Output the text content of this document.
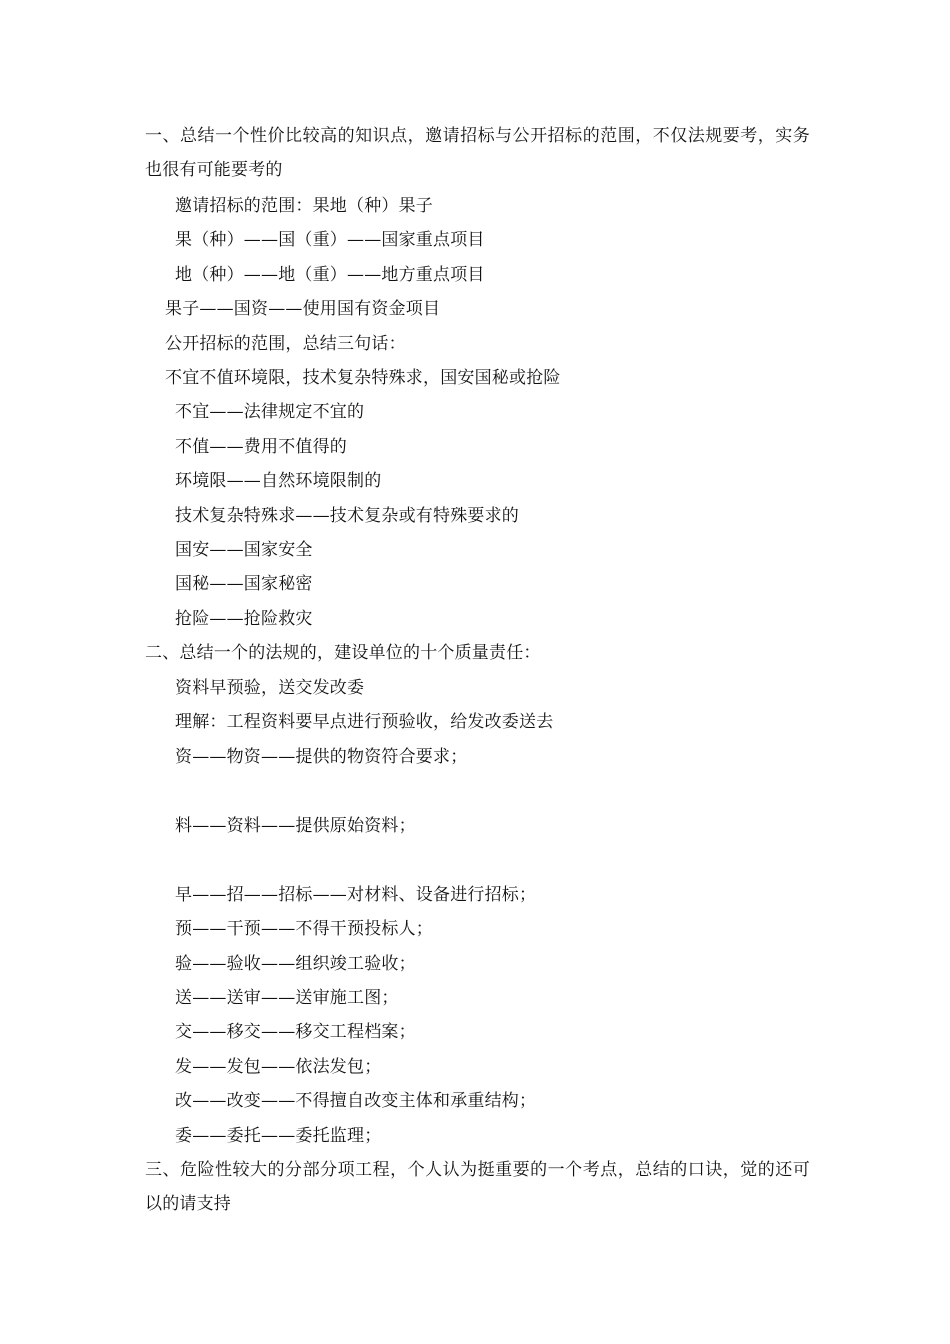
一、总结一个性价比较高的知识点，邀请招标与公开招标的范围，不仅法规要考，实务也很有可能要考的
邀请招标的范围：果地（种）果子
果（种）——国（重）——国家重点项目
地（种）——地（重）——地方重点项目
果子——国资——使用国有资金项目
公开招标的范围，总结三句话：
不宜不值环境限，技术复杂特殊求，国安国秘或抢险
不宜——法律规定不宜的
不值——费用不值得的
环境限——自然环境限制的
技术复杂特殊求——技术复杂或有特殊要求的
国安——国家安全
国秘——国家秘密
抢险——抢险救灾
二、总结一个的法规的，建设单位的十个质量责任：
资料早预验，送交发改委
理解：工程资料要早点进行预验收，给发改委送去
资——物资——提供的物资符合要求；
料——资料——提供原始资料；
早——招——招标——对材料、设备进行招标；
预——干预——不得干预投标人；
验——验收——组织竣工验收；
送——送审——送审施工图；
交——移交——移交工程档案；
发——发包——依法发包；
改——改变——不得擅自改变主体和承重结构；
委——委托——委托监理；
三、危险性较大的分部分项工程，个人认为挺重要的一个考点，总结的口诀，觉的还可以的请支持
